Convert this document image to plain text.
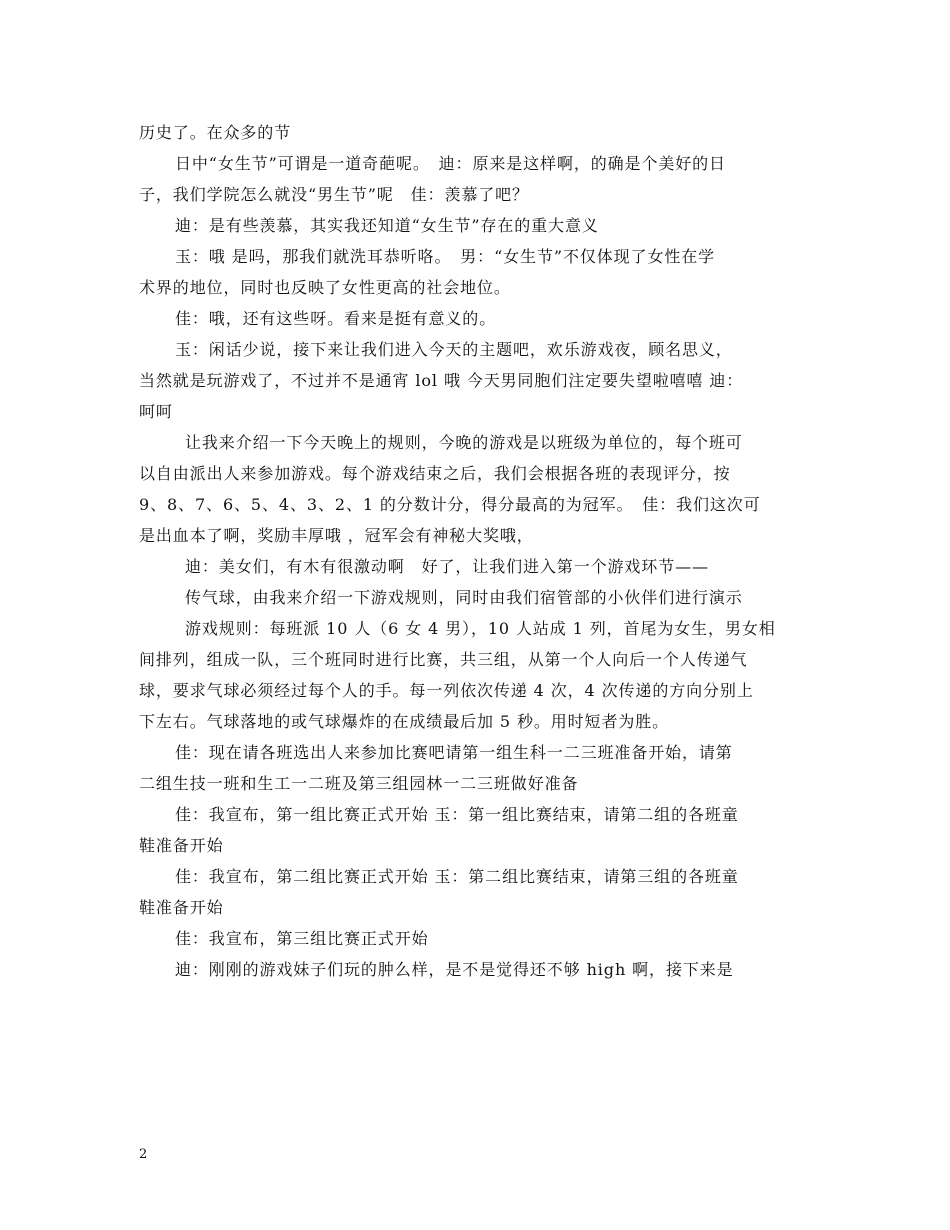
历史了。在众多的节
日中“女生节”可谓是一道奇葩呢。　迪：原来是这样啊，的确是个美好的日
子，我们学院怎么就没“男生节”呢　佳：羡慕了吧？
迪：是有些羡慕，其实我还知道“女生节”存在的重大意义
玉：哦 是吗，那我们就洗耳恭听咯。　男：“女生节”不仅体现了女性在学
术界的地位，同时也反映了女性更高的社会地位。
佳：哦，还有这些呀。看来是挺有意义的。
玉：闲话少说，接下来让我们进入今天的主题吧，欢乐游戏夜，顾名思义，
当然就是玩游戏了，不过并不是通宵 lol 哦 今天男同胞们注定要失望啦嘻嘻 迪：
呵呵
让我来介绍一下今天晚上的规则，今晚的游戏是以班级为单位的，每个班可
以自由派出人来参加游戏。每个游戏结束之后，我们会根据各班的表现评分，按
9、8、7、6、5、4、3、2、1 的分数计分，得分最高的为冠军。　佳：我们这次可
是出血本了啊，奖励丰厚哦 ，冠军会有神秘大奖哦，
迪：美女们，有木有很激动啊　好了，让我们进入第一个游戏环节——
传气球，由我来介绍一下游戏规则，同时由我们宿管部的小伙伴们进行演示
游戏规则：每班派 10 人（6 女 4 男），10 人站成 1 列，首尾为女生，男女相
间排列，组成一队，三个班同时进行比赛，共三组，从第一个人向后一个人传递气
球，要求气球必须经过每个人的手。每一列依次传递 4 次，4 次传递的方向分别上
下左右。气球落地的或气球爆炸的在成绩最后加 5 秒。用时短者为胜。
佳：现在请各班选出人来参加比赛吧请第一组生科一二三班准备开始，请第
二组生技一班和生工一二班及第三组园林一二三班做好准备
佳：我宣布，第一组比赛正式开始 玉：第一组比赛结束，请第二组的各班童
鞋准备开始
佳：我宣布，第二组比赛正式开始 玉：第二组比赛结束，请第三组的各班童
鞋准备开始
佳：我宣布，第三组比赛正式开始
迪：刚刚的游戏妹子们玩的肿么样，是不是觉得还不够 high 啊，接下来是
2
